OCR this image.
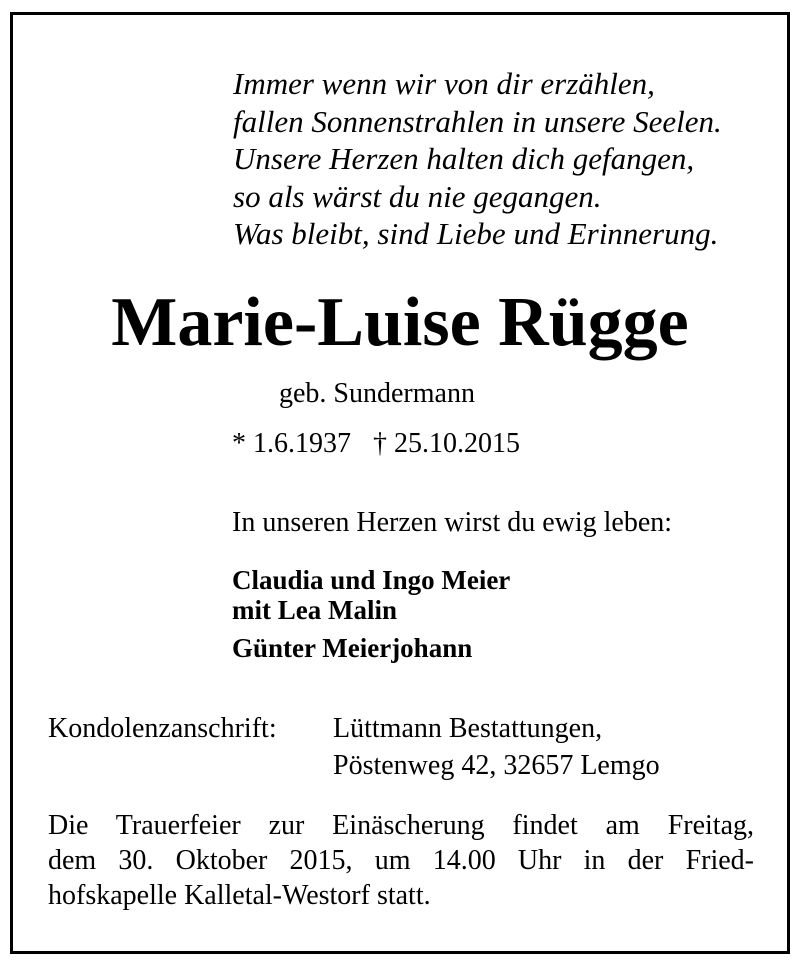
Immer wenn wir von dir erzählen,
fallen Sonnenstrahlen in unsere Seelen.
Unsere Herzen halten dich gefangen,
so als wärst du nie gegangen.
Was bleibt, sind Liebe und Erinnerung.
Marie-Luise Rügge
geb. Sundermann
* 1.6.1937 † 25.10.2015
In unseren Herzen wirst du ewig leben:
Claudia und Ingo Meier
mit Lea Malin
Günter Meierjohann
Kondolenzanschrift: Lüttmann Bestattungen,
Pöstenweg 42, 32657 Lemgo
Die Trauerfeier zur Einäscherung findet am Freitag,
dem 30. Oktober 2015, um 14.00 Uhr in der Fried-
hofskapelle Kalletal-Westorf statt.
